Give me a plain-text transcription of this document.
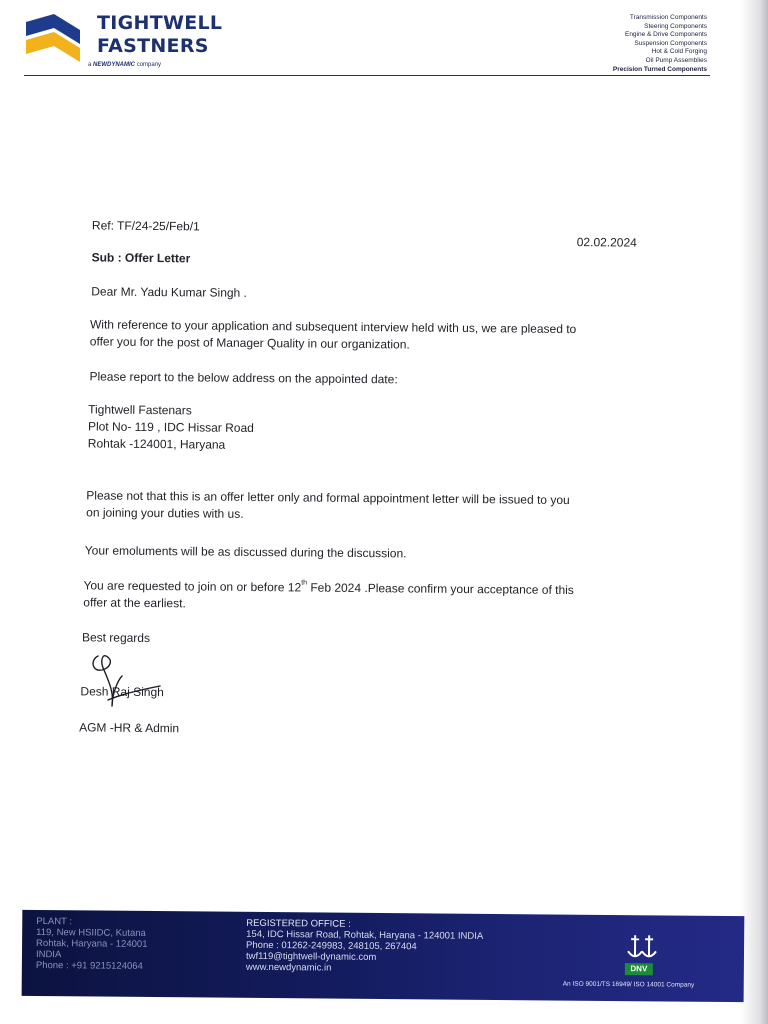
TIGHTWELL
FASTNERS
a NEWDYNAMIC company
Transmission Components
Steering Components
Engine & Drive Components
Suspension Components
Hot & Cold Forging
Oil Pump Assemblies
Precision Turned Components
Ref: TF/24-25/Feb/1
02.02.2024
Sub : Offer Letter
Dear Mr. Yadu Kumar Singh .
With reference to your application and subsequent interview held with us, we are pleased to
offer you for the post of Manager Quality in our organization.
Please report to the below address on the appointed date:
Tightwell Fastenars
Plot No- 119 , IDC Hissar Road
Rohtak -124001, Haryana
Please not that this is an offer letter only and formal appointment letter will be issued to you
on joining your duties with us.
Your emoluments will be as discussed during the discussion.
You are requested to join on or before 12th Feb 2024 .Please confirm your acceptance of this
offer at the earliest.
Best regards
Desh Raj Singh
AGM -HR & Admin
PLANT :
119, New HSIIDC, Kutana
Rohtak, Haryana - 124001
INDIA
Phone : +91 9215124064
REGISTERED OFFICE :
154, IDC Hissar Road, Rohtak, Haryana - 124001 INDIA
Phone : 01262-249983, 248105, 267404
twf119@tightwell-dynamic.com
www.newdynamic.in	DNV
An ISO 9001/TS 16949/ ISO 14001 Company
